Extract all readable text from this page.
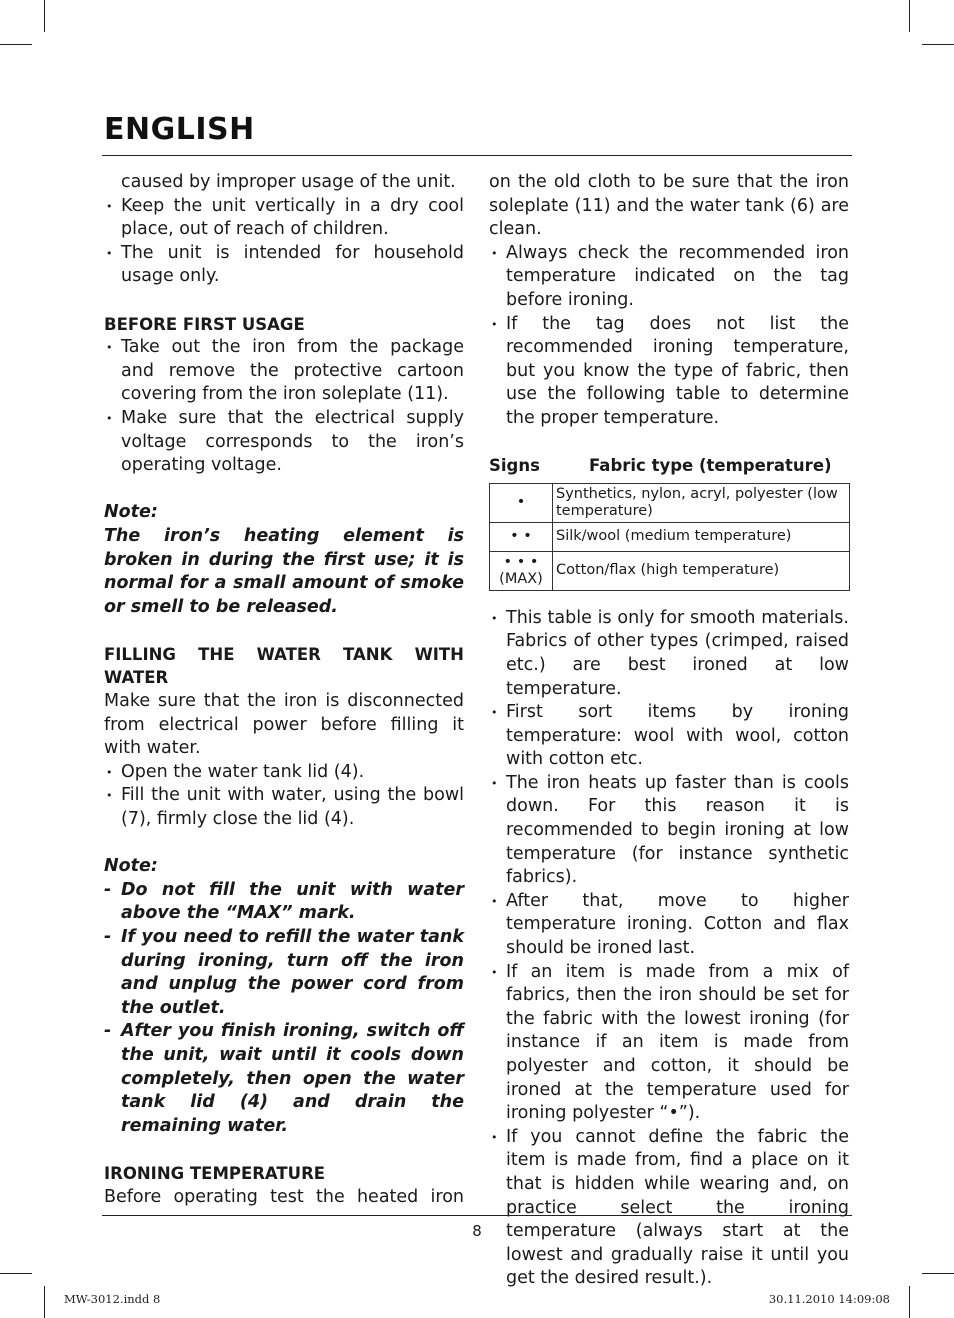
ENGLISH

caused by improper usage of the unit.

• Keep the unit vertically in a dry cool place, out of reach of children.

• The unit is intended for household usage only.

BEFORE FIRST USAGE

• Take out the iron from the package and remove the protective cartoon covering from the iron soleplate (11).

• Make sure that the electrical supply voltage corresponds to the iron’s operating voltage.

Note:

The iron’s heating element is broken in during the first use; it is normal for a small amount of smoke or smell to be released.

FILLING THE WATER TANK WITH WATER

Make sure that the iron is disconnected from electrical power before filling it with water.

• Open the water tank lid (4).

• Fill the unit with water, using the bowl (7), firmly close the lid (4).

Note:

- Do not fill the unit with water above the “MAX” mark.

- If you need to refill the water tank during ironing, turn off the iron and unplug the power cord from the outlet.

- After you finish ironing, switch off the unit, wait until it cools down completely, then open the water tank lid (4) and drain the remaining water.

IRONING TEMPERATURE

Before operating test the heated iron

on the old cloth to be sure that the iron soleplate (11) and the water tank (6) are clean.

• Always check the recommended iron temperature indicated on the tag before ironing.

• If the tag does not list the recommended ironing temperature, but you know the type of fabric, then use the following table to determine the proper temperature.

Signs	Fabric type (temperature)
•	Synthetics, nylon, acryl, polyester (low temperature)
• •	Silk/wool (medium temperature)

• • •
(MAX)	Cotton/flax (high temperature)

• This table is only for smooth materials. Fabrics of other types (crimped, raised etc.) are best ironed at low temperature.

• First sort items by ironing temperature: wool with wool, cotton with cotton etc.

• The iron heats up faster than is cools down. For this reason it is recommended to begin ironing at low temperature (for instance synthetic fabrics).

• After that, move to higher temperature ironing. Cotton and flax should be ironed last.

• If an item is made from a mix of fabrics, then the iron should be set for the fabric with the lowest ironing (for instance if an item is made from polyester and cotton, it should be ironed at the temperature used for ironing polyester “•”).

• If you cannot define the fabric the item is made from, find a place on it that is hidden while wearing and, on practice select the ironing temperature (always start at the lowest and gradually raise it until you get the desired result.).

8
MW-3012.indd 8	30.11.2010 14:09:08
